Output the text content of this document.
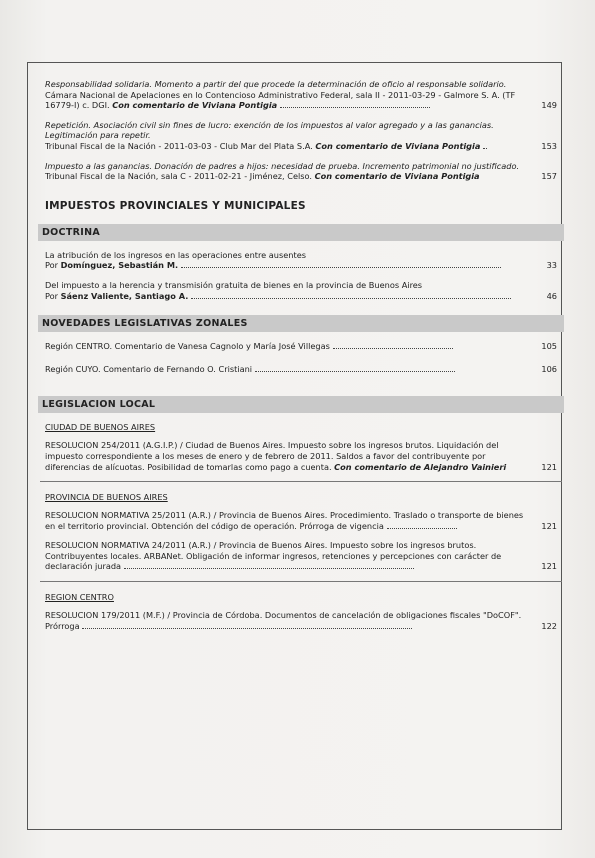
Responsabilidad solidaria. Momento a partir del que procede la determinación de oficio al responsable solidario.
Cámara Nacional de Apelaciones en lo Contencioso Administrativo Federal, sala II - 2011-03-29 - Galmore S. A. (TF 16779-I) c. DGI. Con comentario de Viviana Pontigia	149
Repetición. Asociación civil sin fines de lucro: exención de los impuestos al valor agregado y a las ganancias. Legitimación para repetir.
Tribunal Fiscal de la Nación - 2011-03-03 - Club Mar del Plata S.A. Con comentario de Viviana Pontigia	153
Impuesto a las ganancias. Donación de padres a hijos: necesidad de prueba. Incremento patrimonial no justificado.
Tribunal Fiscal de la Nación, sala C - 2011-02-21 - Jiménez, Celso. Con comentario de Viviana Pontigia	157
IMPUESTOS PROVINCIALES Y MUNICIPALES
DOCTRINA
La atribución de los ingresos en las operaciones entre ausentes
Por Domínguez, Sebastián M.	33
Del impuesto a la herencia y transmisión gratuita de bienes en la provincia de Buenos Aires
Por Sáenz Valiente, Santiago A.	46
NOVEDADES LEGISLATIVAS ZONALES
Región CENTRO. Comentario de Vanesa Cagnolo y María José Villegas	105
Región CUYO. Comentario de Fernando O. Cristiani	106
LEGISLACION LOCAL
CIUDAD DE BUENOS AIRES
RESOLUCION 254/2011 (A.G.I.P.) / Ciudad de Buenos Aires. Impuesto sobre los ingresos brutos. Liquidación del impuesto correspondiente a los meses de enero y de febrero de 2011. Saldos a favor del contribuyente por diferencias de alícuotas. Posibilidad de tomarlas como pago a cuenta. Con comentario de Alejandro Vainieri	121
PROVINCIA DE BUENOS AIRES
RESOLUCION NORMATIVA 25/2011 (A.R.) / Provincia de Buenos Aires. Procedimiento. Traslado o transporte de bienes en el territorio provincial. Obtención del código de operación. Prórroga de vigencia	121
RESOLUCION NORMATIVA 24/2011 (A.R.) / Provincia de Buenos Aires. Impuesto sobre los ingresos brutos. Contribuyentes locales. ARBANet. Obligación de informar ingresos, retenciones y percepciones con carácter de declaración jurada	121
REGION CENTRO
RESOLUCION 179/2011 (M.F.) / Provincia de Córdoba. Documentos de cancelación de obligaciones fiscales "DoCOF". Prórroga	122
